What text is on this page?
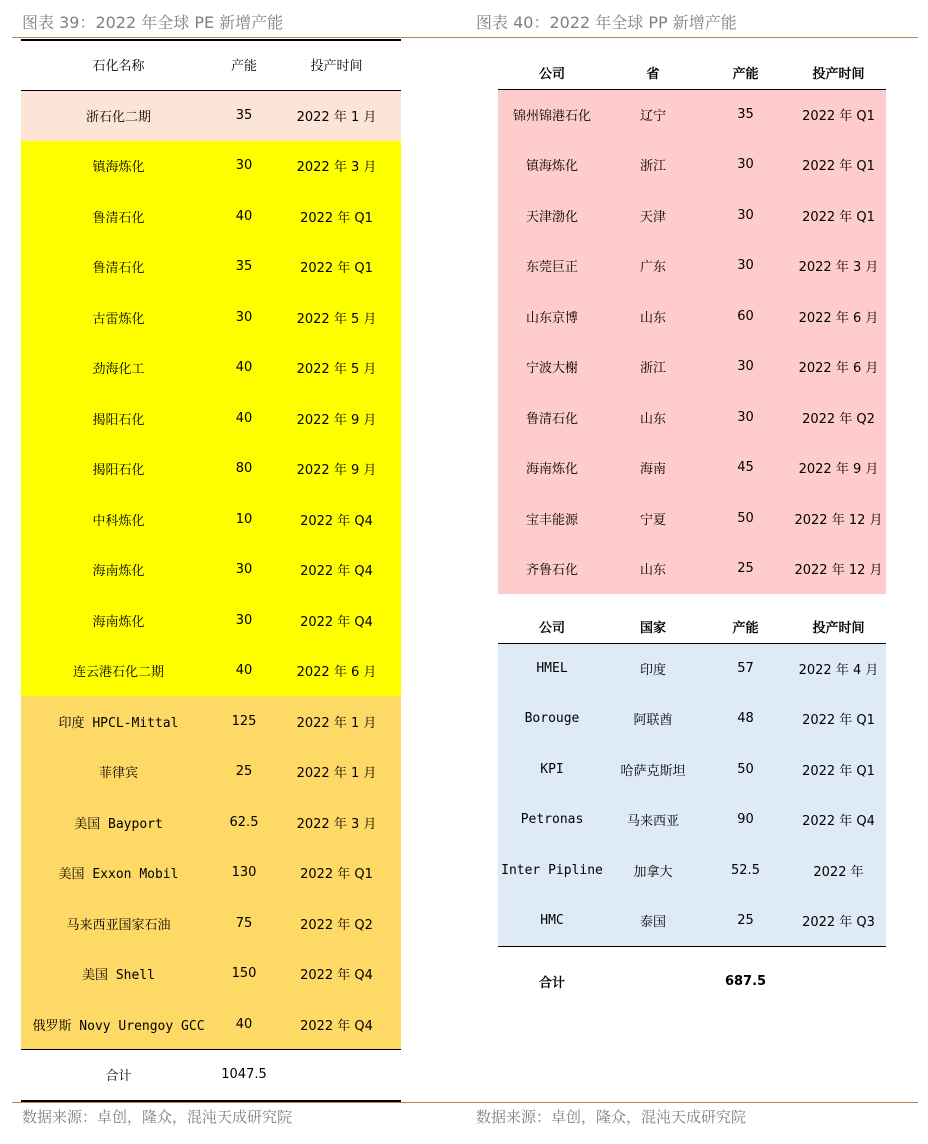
图表 39：2022 年全球 PE 新增产能	图表 40：2022 年全球 PP 新增产能
石化名称	产能	投产时间
浙石化二期	35	2022 年 1 月
镇海炼化	30	2022 年 3 月
鲁清石化	40	2022 年 Q1
鲁清石化	35	2022 年 Q1
古雷炼化	30	2022 年 5 月
劲海化工	40	2022 年 5 月
揭阳石化	40	2022 年 9 月
揭阳石化	80	2022 年 9 月
中科炼化	10	2022 年 Q4
海南炼化	30	2022 年 Q4
海南炼化	30	2022 年 Q4
连云港石化二期	40	2022 年 6 月
印度 HPCL-Mittal	125	2022 年 1 月
菲律宾	25	2022 年 1 月
美国 Bayport	62.5	2022 年 3 月
美国 Exxon Mobil	130	2022 年 Q1
马来西亚国家石油	75	2022 年 Q2
美国 Shell	150	2022 年 Q4
俄罗斯 Novy Urengoy GCC	40	2022 年 Q4
合计	1047.5	
公司	省	产能	投产时间
锦州锦港石化	辽宁	35	2022 年 Q1
镇海炼化	浙江	30	2022 年 Q1
天津渤化	天津	30	2022 年 Q1
东莞巨正	广东	30	2022 年 3 月
山东京博	山东	60	2022 年 6 月
宁波大榭	浙江	30	2022 年 6 月
鲁清石化	山东	30	2022 年 Q2
海南炼化	海南	45	2022 年 9 月
宝丰能源	宁夏	50	2022 年 12 月
齐鲁石化	山东	25	2022 年 12 月
公司	国家	产能	投产时间
HMEL	印度	57	2022 年 4 月
Borouge	阿联酋	48	2022 年 Q1
KPI	哈萨克斯坦	50	2022 年 Q1
Petronas	马来西亚	90	2022 年 Q4
Inter Pipline	加拿大	52.5	2022 年
HMC	泰国	25	2022 年 Q3
合计		687.5	
数据来源：卓创，隆众，混沌天成研究院	数据来源：卓创，隆众，混沌天成研究院
